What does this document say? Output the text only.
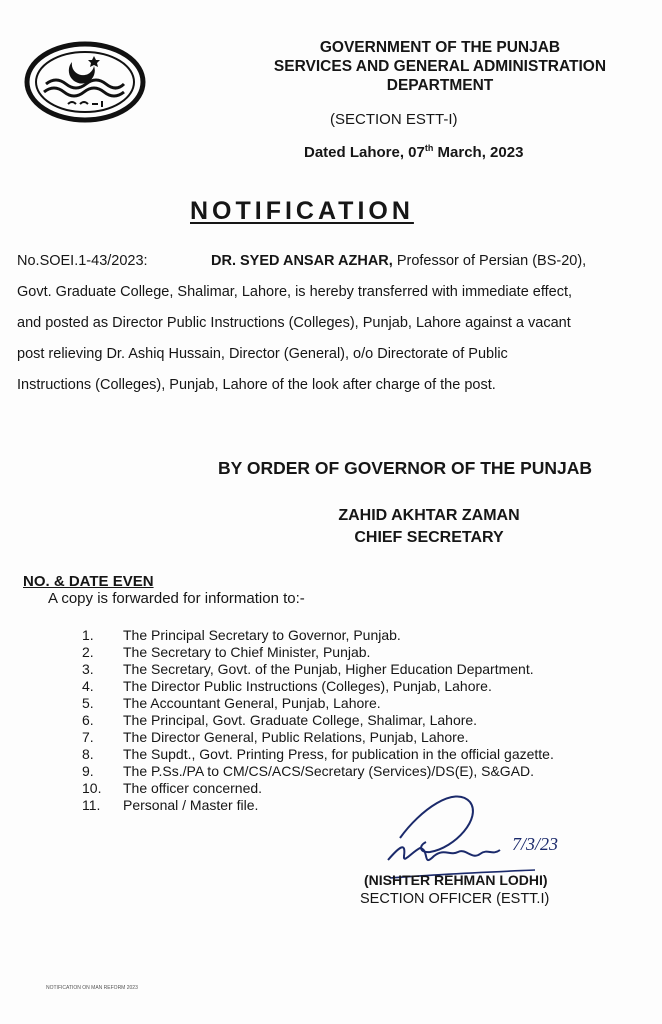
GOVERNMENT OF THE PUNJAB
SERVICES AND GENERAL ADMINISTRATION
DEPARTMENT
(SECTION ESTT-I)
Dated Lahore, 07th March, 2023
NOTIFICATION
No.SOEI.1-43/2023:	DR. SYED ANSAR AZHAR, Professor of Persian (BS-20),
Govt. Graduate College, Shalimar, Lahore, is hereby transferred with immediate effect,
and posted as Director Public Instructions (Colleges), Punjab, Lahore against a vacant
post relieving Dr. Ashiq Hussain, Director (General), o/o Directorate of Public
Instructions (Colleges), Punjab, Lahore of the look after charge of the post.
BY ORDER OF GOVERNOR OF THE PUNJAB
ZAHID AKHTAR ZAMAN
CHIEF SECRETARY
NO. & DATE EVEN
A copy is forwarded for information to:-
1.	The Principal Secretary to Governor, Punjab.
2.	The Secretary to Chief Minister, Punjab.
3.	The Secretary, Govt. of the Punjab, Higher Education Department.
4.	The Director Public Instructions (Colleges), Punjab, Lahore.
5.	The Accountant General, Punjab, Lahore.
6.	The Principal, Govt. Graduate College, Shalimar, Lahore.
7.	The Director General, Public Relations, Punjab, Lahore.
8.	The Supdt., Govt. Printing Press, for publication in the official gazette.
9.	The P.Ss./PA to CM/CS/ACS/Secretary (Services)/DS(E), S&GAD.
10.	The officer concerned.
11.	Personal / Master file.
7/3/23
(NISHTER REHMAN LODHI)
SECTION OFFICER (ESTT.I)
NOTIFICATION ON MAN REFORM 2023
